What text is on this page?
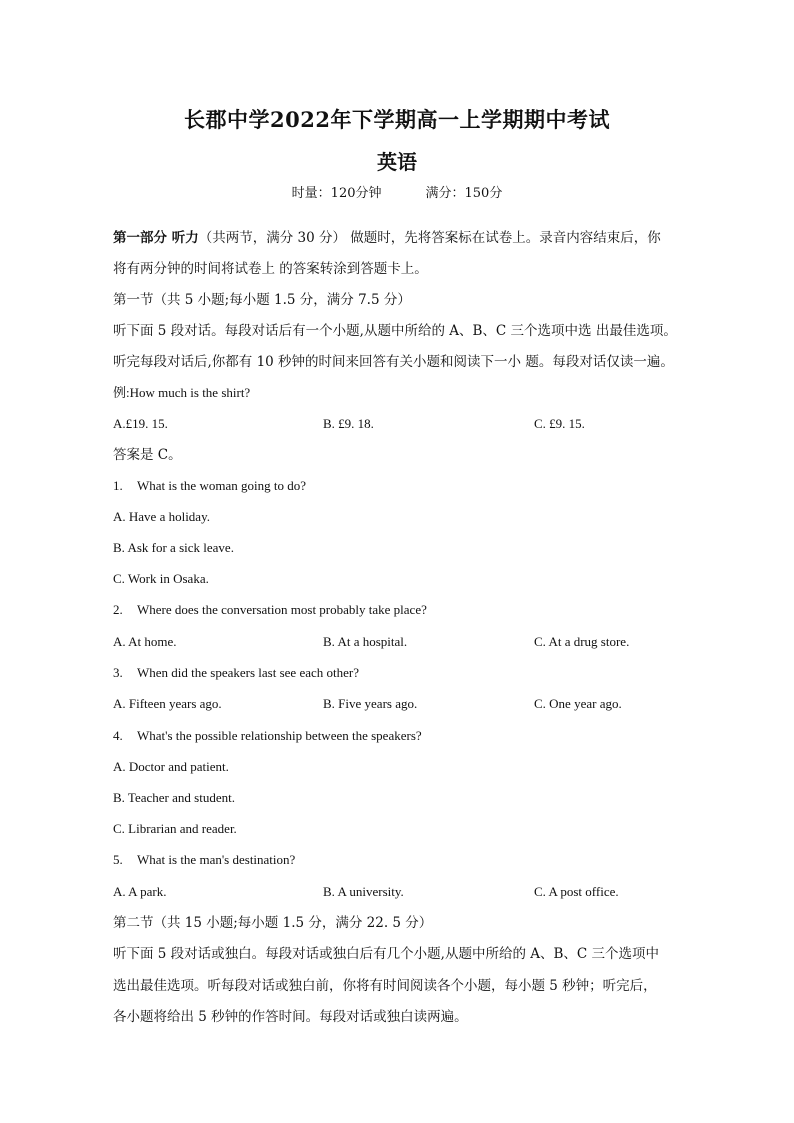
长郡中学2022年下学期高一上学期期中考试
英语
时量：120分钟	满分：150分
第一部分 听力（共两节，满分 30 分） 做题时，先将答案标在试卷上。录音内容结束后，你
将有两分钟的时间将试卷上 的答案转涂到答题卡上。
第一节（共 5 小题;每小题 1.5 分，满分 7.5 分）
听下面 5 段对话。每段对话后有一个小题,从题中所给的 A、B、C 三个选项中选 出最佳选项。
听完每段对话后,你都有 10 秒钟的时间来回答有关小题和阅读下一小 题。每段对话仅读一遍。
例:How much is the shirt?
A.£19. 15.	B. £9. 18.	C. £9. 15.
答案是 C。
1. What is the woman going to do?
A. Have a holiday.
B. Ask for a sick leave.
C. Work in Osaka.
2. Where does the conversation most probably take place?
A. At home.	B. At a hospital.	C. At a drug store.
3. When did the speakers last see each other?
A. Fifteen years ago.	B. Five years ago.	C. One year ago.
4. What's the possible relationship between the speakers?
A. Doctor and patient.
B. Teacher and student.
C. Librarian and reader.
5. What is the man's destination?
A. A park.	B. A university.	C. A post office.
第二节（共 15 小题;每小题 1.5 分，满分 22. 5 分）
听下面 5 段对话或独白。每段对话或独白后有几个小题,从题中所给的 A、B、C 三个选项中
选出最佳选项。听每段对话或独白前，你将有时间阅读各个小题，每小题 5 秒钟；听完后，
各小题将给出 5 秒钟的作答时间。每段对话或独白读两遍。
